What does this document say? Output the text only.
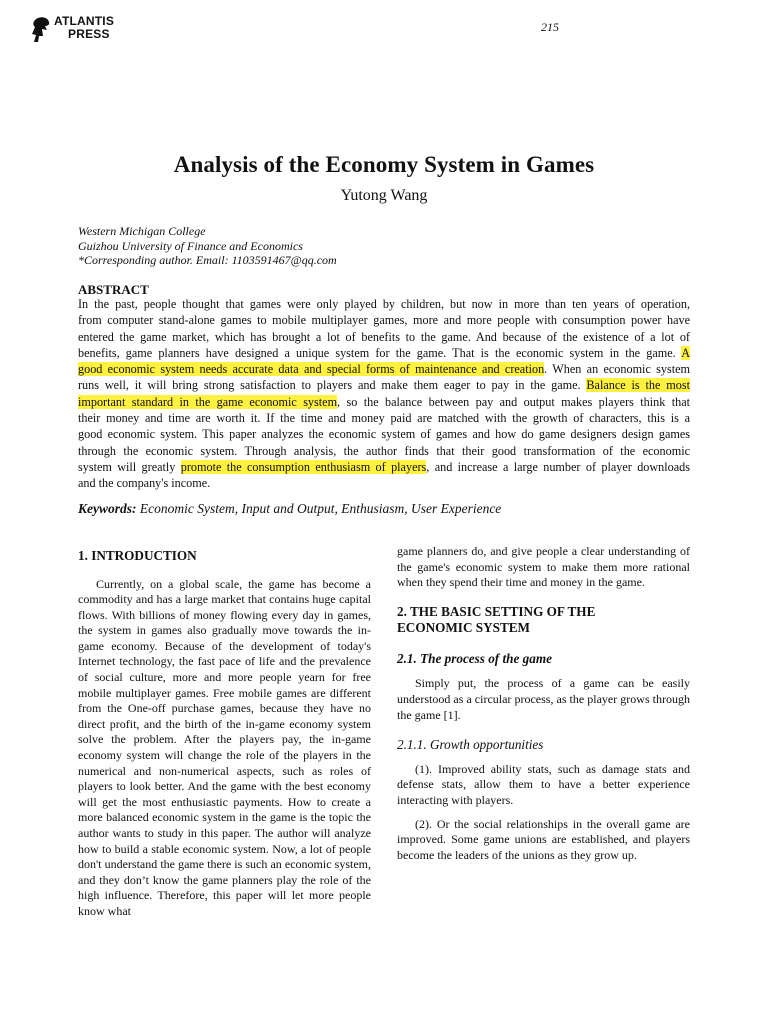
ATLANTIS
PRESS	215
Analysis of the Economy System in Games
Yutong Wang
Western Michigan College
Guizhou University of Finance and Economics
*Corresponding author. Email: 1103591467@qq.com
ABSTRACT
In the past, people thought that games were only played by children, but now in more than ten years of operation,
from computer stand-alone games to mobile multiplayer games, more and more people with consumption power have
entered the game market, which has brought a lot of benefits to the game. And because of the existence of a lot of
benefits, game planners have designed a unique system for the game. That is the economic system in the game. A
good economic system needs accurate data and special forms of maintenance and creation. When an economic system
runs well, it will bring strong satisfaction to players and make them eager to pay in the game. Balance is the most
important standard in the game economic system, so the balance between pay and output makes players think that
their money and time are worth it. If the time and money paid are matched with the growth of characters, this is a
good economic system. This paper analyzes the economic system of games and how do game designers design games
through the economic system. Through analysis, the author finds that their good transformation of the economic
system will greatly promote the consumption enthusiasm of players, and increase a large number of player downloads
and the company's income.
Keywords: Economic System, Input and Output, Enthusiasm, User Experience
1. INTRODUCTION

Currently, on a global scale, the game has become a commodity and has a large market that contains huge capital flows. With billions of money flowing every day in games, the system in games also gradually move towards the in-game economy. Because of the development of today's Internet technology, the fast pace of life and the prevalence of social culture, more and more people yearn for free mobile multiplayer games. Free mobile games are different from the One-off purchase games, because they have no direct profit, and the birth of the in-game economy system solve the problem. After the players pay, the in-game economy system will change the role of the players in the numerical and non-numerical aspects, such as roles of players to look better. And the game with the best economy will get the most enthusiastic payments. How to create a more balanced economic system in the game is the topic the author wants to study in this paper. The author will analyze how to build a stable economic system. Now, a lot of people don't understand the game there is such an economic system, and they don’t know the game planners play the role of the high influence. Therefore, this paper will let more people know what

game planners do, and give people a clear understanding of the game's economic system to make them more rational when they spend their time and money in the game.

2. THE BASIC SETTING OF THE
ECONOMIC SYSTEM
2.1. The process of the game

Simply put, the process of a game can be easily understood as a circular process, as the player grows through the game [1].

2.1.1. Growth opportunities

(1). Improved ability stats, such as damage stats and defense stats, allow them to have a better experience interacting with players.

(2). Or the social relationships in the overall game are improved. Some game unions are established, and players become the leaders of the unions as they grow up.
